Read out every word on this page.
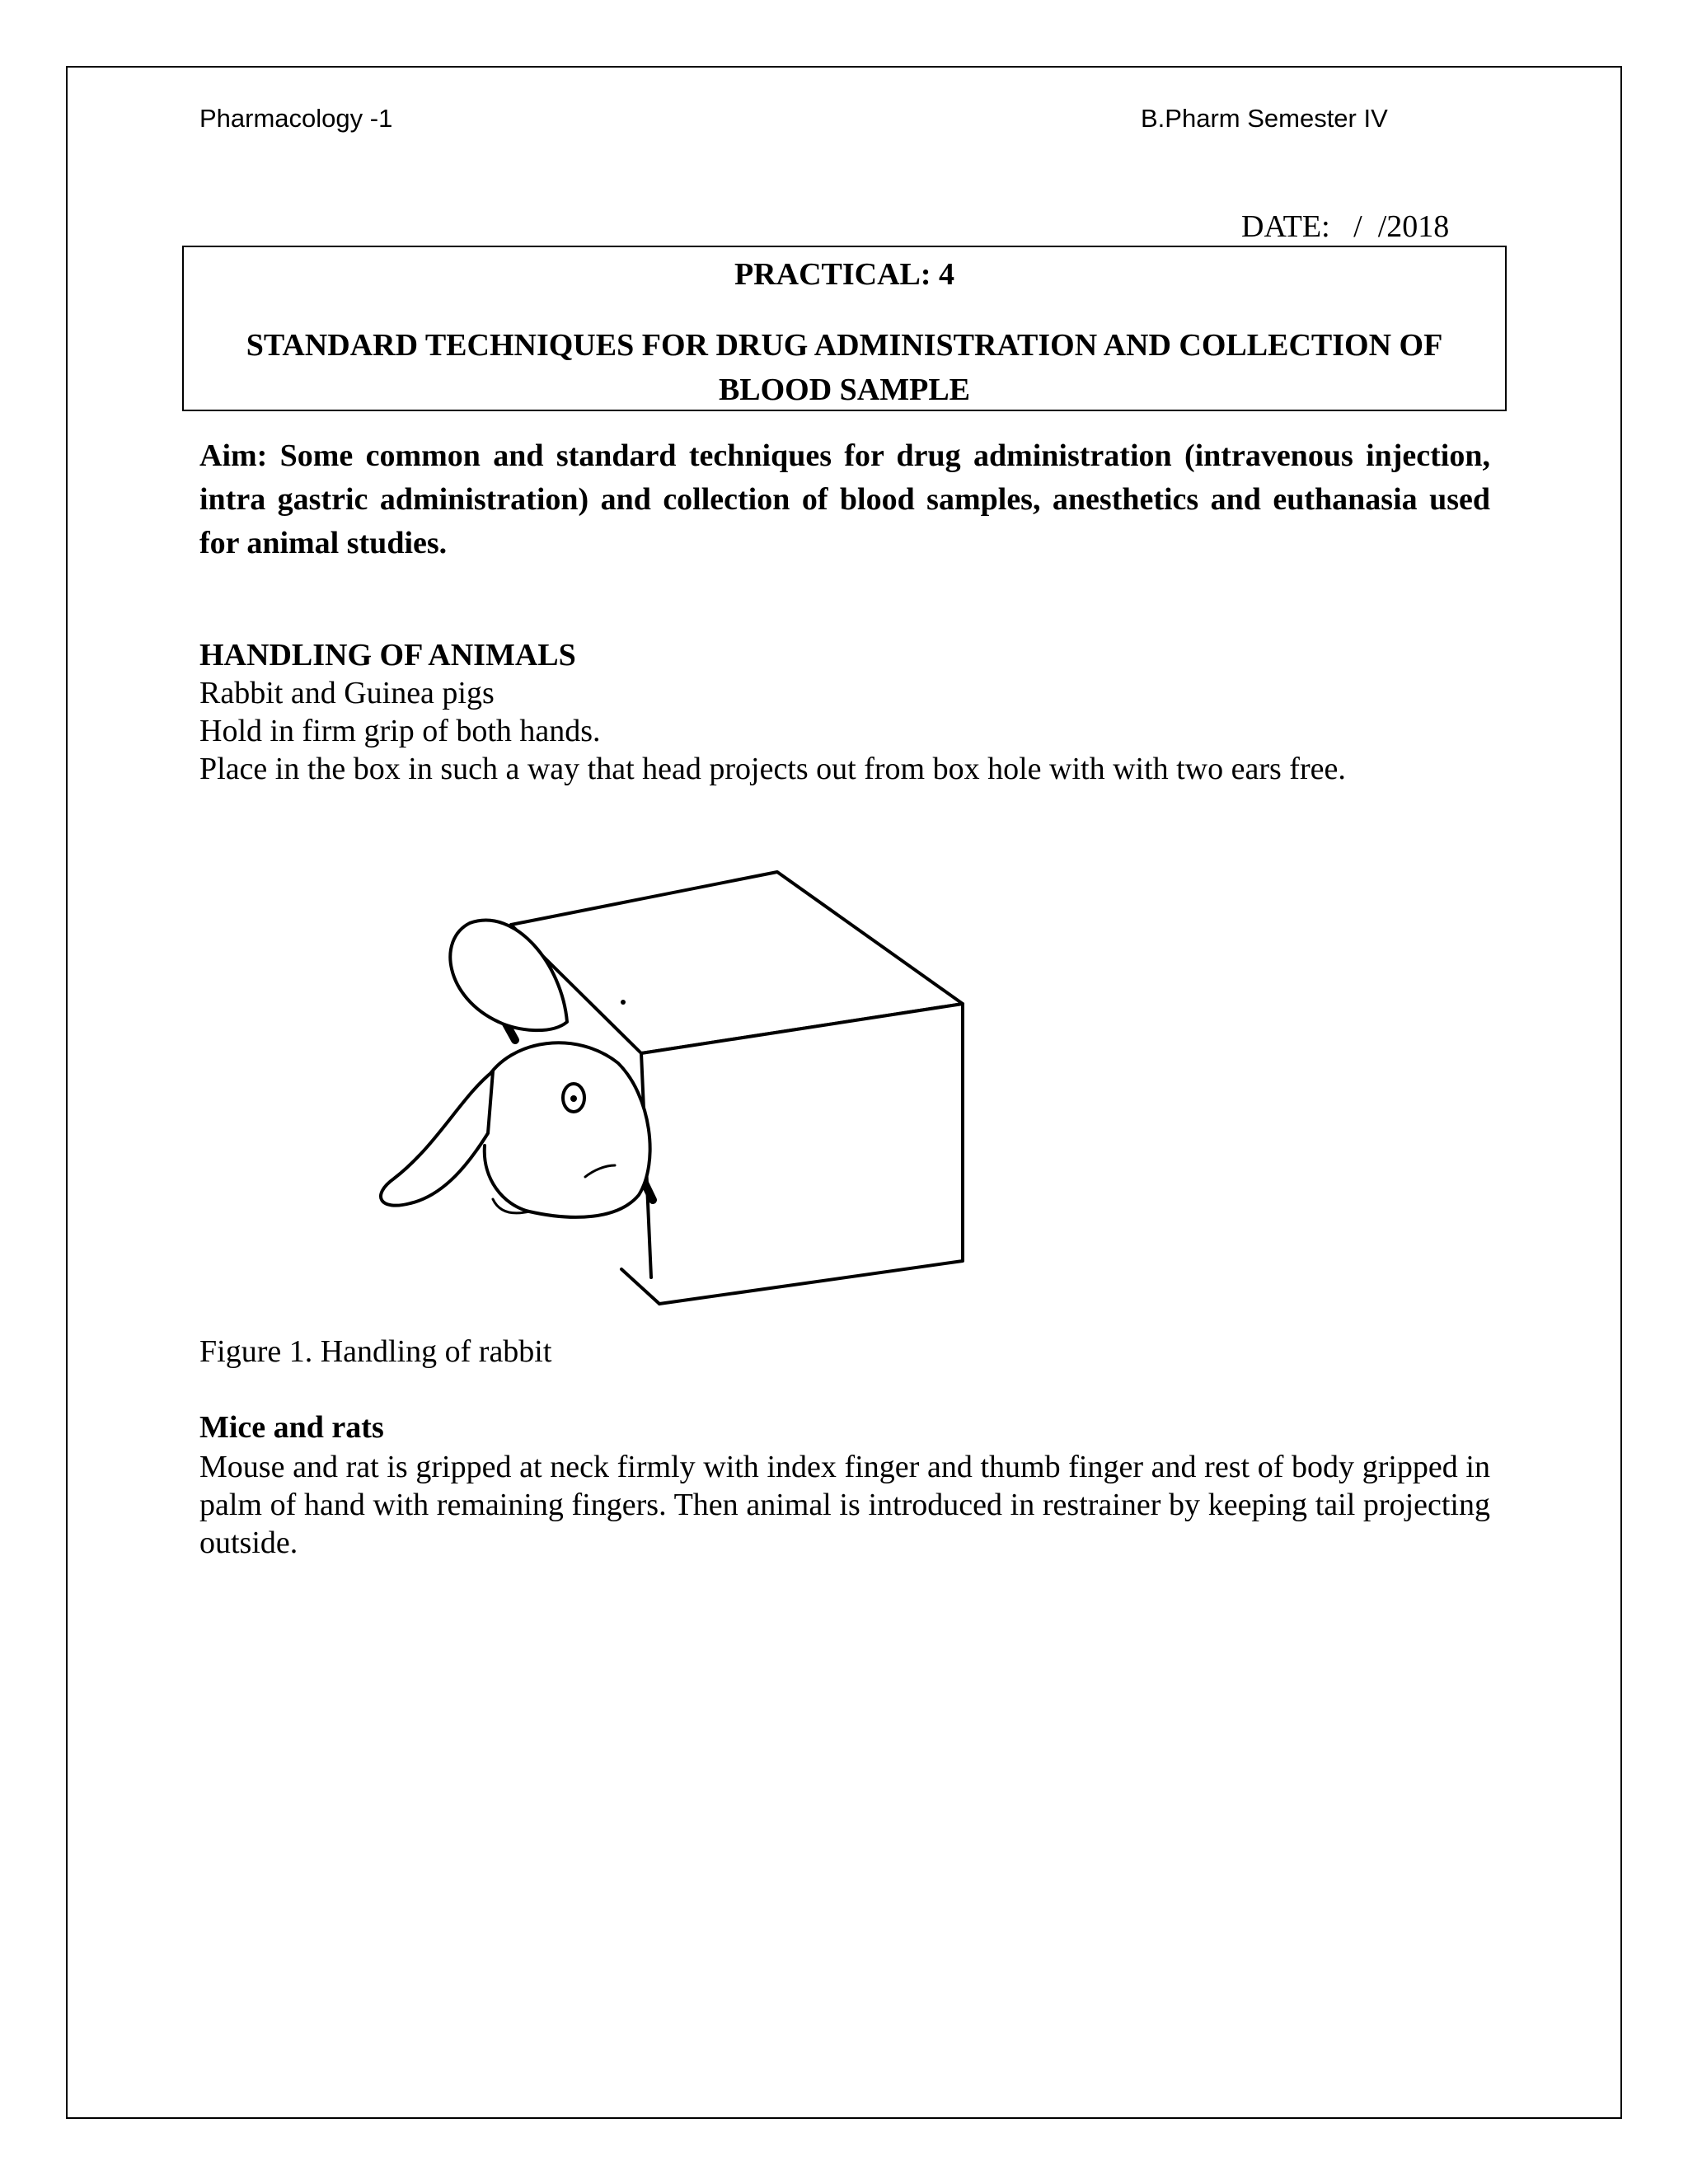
Pharmacology -1	B.Pharm Semester IV
DATE:   /  /2018
PRACTICAL: 4
STANDARD TECHNIQUES FOR DRUG ADMINISTRATION AND COLLECTION OF BLOOD SAMPLE
Aim: Some common and standard techniques for drug administration (intravenous injection, intra gastric administration) and collection of blood samples, anesthetics and euthanasia used for animal studies.
HANDLING OF ANIMALS
Rabbit and Guinea pigs
Hold in firm grip of both hands.
Place in the box in such a way that head projects out from box hole with with two ears free.
Figure 1. Handling of rabbit
Mice and rats
Mouse and rat is gripped at neck firmly with index finger and thumb finger and rest of body gripped in palm of hand with remaining fingers. Then animal is introduced in restrainer by keeping tail projecting outside.
